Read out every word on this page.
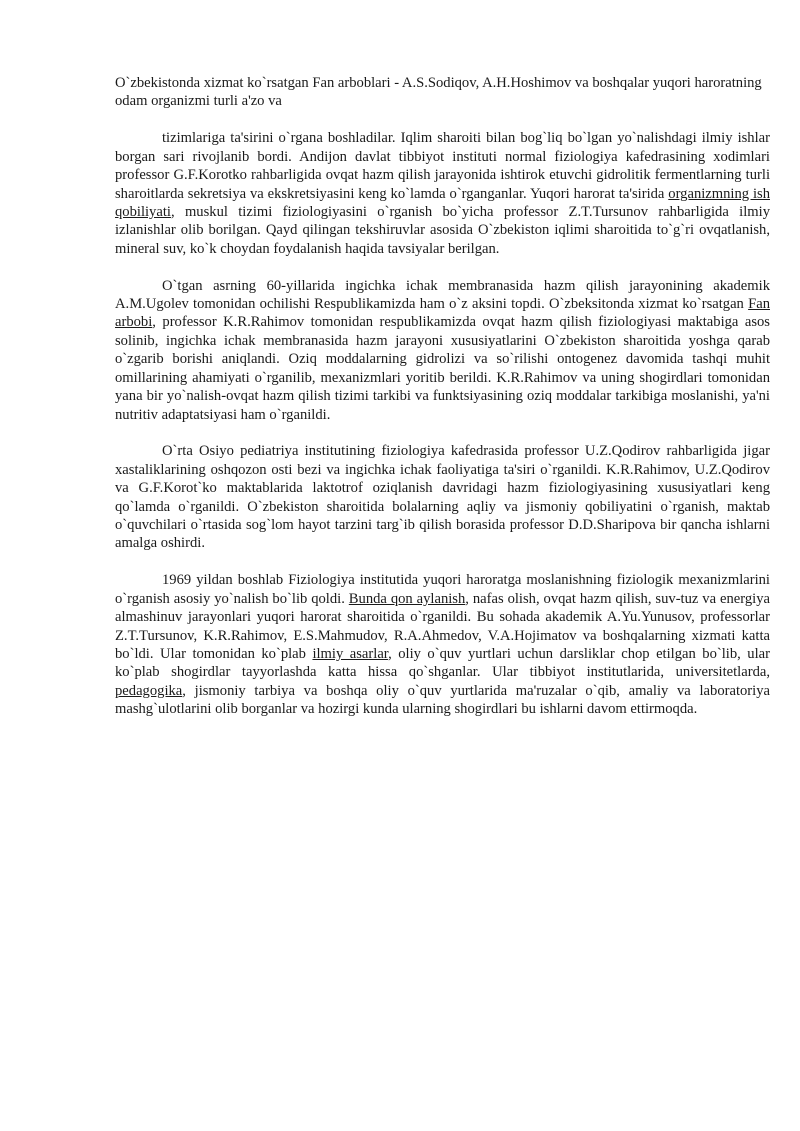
O`zbekistonda xizmat ko`rsatgan Fan arboblari - A.S.Sodiqov, A.H.Hoshimov va boshqalar yuqori haroratning odam organizmi turli a'zo va

tizimlariga ta'sirini o`rgana boshladilar. Iqlim sharoiti bilan bog`liq bo`lgan yo`nalishdagi ilmiy ishlar borgan sari rivojlanib bordi. Andijon davlat tibbiyot instituti normal fiziologiya kafedrasining xodimlari professor G.F.Korotko rahbarligida ovqat hazm qilish jarayonida ishtirok etuvchi gidrolitik fermentlarning turli sharoitlarda sekretsiya va ekskretsiyasini keng ko`lamda o`rganganlar. Yuqori harorat ta'sirida organizmning ish qobiliyati, muskul tizimi fiziologiyasini o`rganish bo`yicha professor Z.T.Tursunov rahbarligida ilmiy izlanishlar olib borilgan. Qayd qilingan tekshiruvlar asosida O`zbekiston iqlimi sharoitida to`g`ri ovqatlanish, mineral suv, ko`k choydan foydalanish haqida tavsiyalar berilgan.

O`tgan asrning 60-yillarida ingichka ichak membranasida hazm qilish jarayonining akademik A.M.Ugolev tomonidan ochilishi Respublikamizda ham o`z aksini topdi. O`zbeksitonda xizmat ko`rsatgan Fan arbobi, professor K.R.Rahimov tomonidan respublikamizda ovqat hazm qilish fiziologiyasi maktabiga asos solinib, ingichka ichak membranasida hazm jarayoni xususiyatlarini O`zbekiston sharoitida yoshga qarab o`zgarib borishi aniqlandi. Oziq moddalarning gidrolizi va so`rilishi ontogenez davomida tashqi muhit omillarining ahamiyati o`rganilib, mexanizmlari yoritib berildi. K.R.Rahimov va uning shogirdlari tomonidan yana bir yo`nalish-ovqat hazm qilish tizimi tarkibi va funktsiyasining oziq moddalar tarkibiga moslanishi, ya'ni nutritiv adaptatsiyasi ham o`rganildi.

O`rta Osiyo pediatriya institutining fiziologiya kafedrasida professor U.Z.Qodirov rahbarligida jigar xastaliklarining oshqozon osti bezi va ingichka ichak faoliyatiga ta'siri o`rganildi. K.R.Rahimov, U.Z.Qodirov va G.F.Korot`ko maktablarida laktotrof oziqlanish davridagi hazm fiziologiyasining xususiyatlari keng qo`lamda o`rganildi. O`zbekiston sharoitida bolalarning aqliy va jismoniy qobiliyatini o`rganish, maktab o`quvchilari o`rtasida sog`lom hayot tarzini targ`ib qilish borasida professor D.D.Sharipova bir qancha ishlarni amalga oshirdi.

1969 yildan boshlab Fiziologiya institutida yuqori haroratga moslanishning fiziologik mexanizmlarini o`rganish asosiy yo`nalish bo`lib qoldi. Bunda qon aylanish, nafas olish, ovqat hazm qilish, suv-tuz va energiya almashinuv jarayonlari yuqori harorat sharoitida o`rganildi. Bu sohada akademik A.Yu.Yunusov, professorlar Z.T.Tursunov, K.R.Rahimov, E.S.Mahmudov, R.A.Ahmedov, V.A.Hojimatov va boshqalarning xizmati katta bo`ldi. Ular tomonidan ko`plab ilmiy asarlar, oliy o`quv yurtlari uchun darsliklar chop etilgan bo`lib, ular ko`plab shogirdlar tayyorlashda katta hissa qo`shganlar. Ular tibbiyot institutlarida, universitetlarda, pedagogika, jismoniy tarbiya va boshqa oliy o`quv yurtlarida ma'ruzalar o`qib, amaliy va laboratoriya mashg`ulotlarini olib borganlar va hozirgi kunda ularning shogirdlari bu ishlarni davom ettirmoqda.
